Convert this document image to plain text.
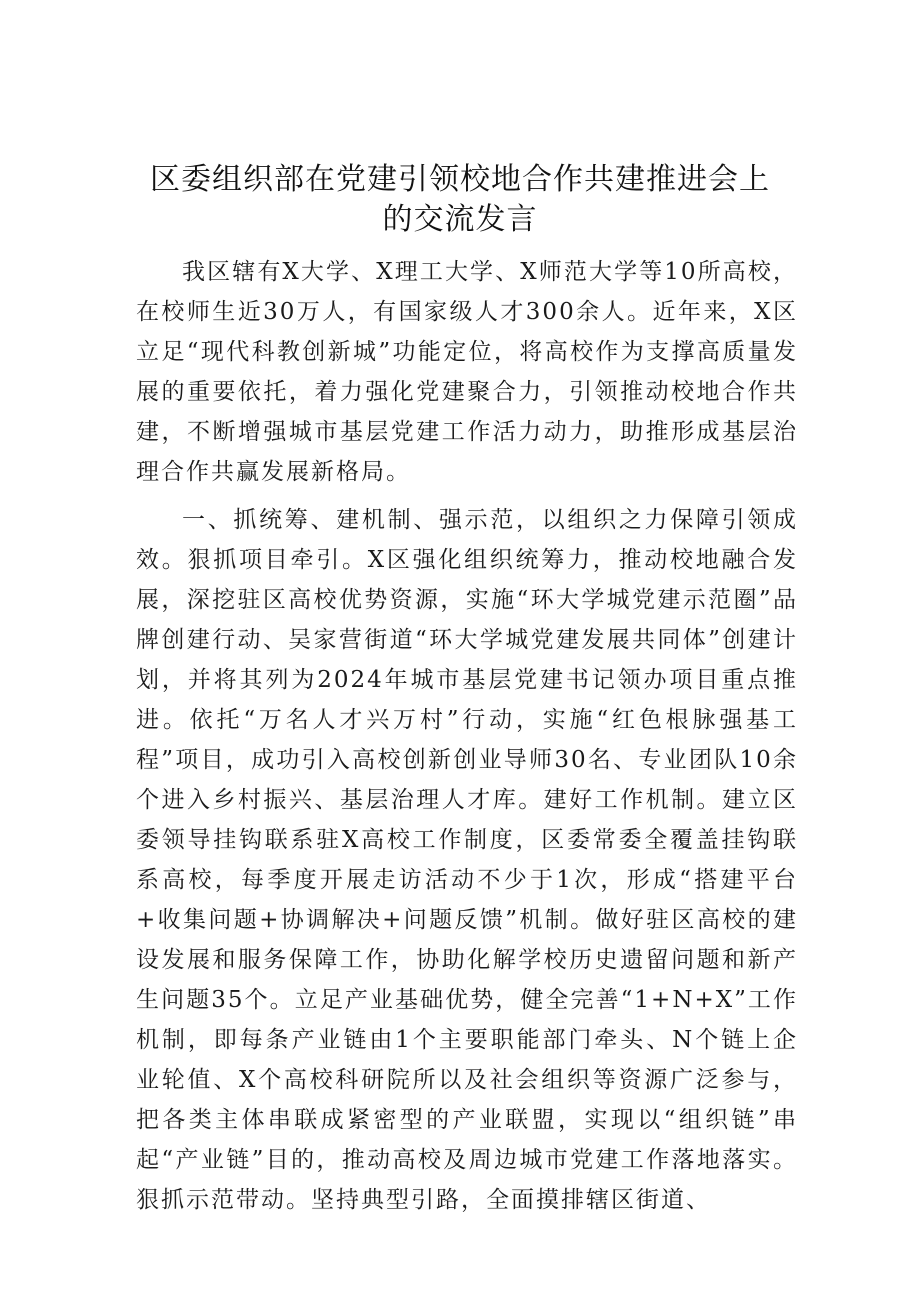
区委组织部在党建引领校地合作共建推进会上的交流发言

我区辖有X大学、X理工大学、X师范大学等10所高校，在校师生近30万人，有国家级人才300余人。近年来，X区立足“现代科教创新城”功能定位，将高校作为支撑高质量发展的重要依托，着力强化党建聚合力，引领推动校地合作共建，不断增强城市基层党建工作活力动力，助推形成基层治理合作共赢发展新格局。

一、抓统筹、建机制、强示范，以组织之力保障引领成效。狠抓项目牵引。X区强化组织统筹力，推动校地融合发展，深挖驻区高校优势资源，实施“环大学城党建示范圈”品牌创建行动、吴家营街道“环大学城党建发展共同体”创建计划，并将其列为2024年城市基层党建书记领办项目重点推进。依托“万名人才兴万村”行动，实施“红色根脉强基工程”项目，成功引入高校创新创业导师30名、专业团队10余个进入乡村振兴、基层治理人才库。建好工作机制。建立区委领导挂钩联系驻X高校工作制度，区委常委全覆盖挂钩联系高校，每季度开展走访活动不少于1次，形成“搭建平台+收集问题+协调解决+问题反馈”机制。做好驻区高校的建设发展和服务保障工作，协助化解学校历史遗留问题和新产生问题35个。立足产业基础优势，健全完善“1+N+X”工作机制，即每条产业链由1个主要职能部门牵头、N个链上企业轮值、X个高校科研院所以及社会组织等资源广泛参与，把各类主体串联成紧密型的产业联盟，实现以“组织链”串起“产业链”目的，推动高校及周边城市党建工作落地落实。狠抓示范带动。坚持典型引路，全面摸排辖区街道、
